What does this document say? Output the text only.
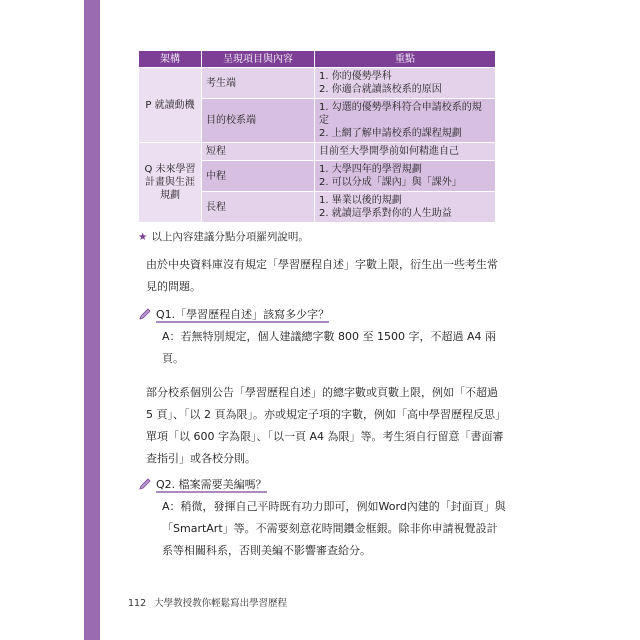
架構	呈現項目與內容	重點
P 就讀動機	考生端	1. 你的優勢學科
2. 你適合就讀該校系的原因

	目的校系端	1. 勾選的優勢學科符合申請校系的規定
2. 上網了解申請校系的課程規劃

Q 未來學習計畫與生涯規劃	短程	目前至大學開學前如何精進自己

	中程	1. 大學四年的學習規劃
2. 可以分成「課內」與「課外」

	長程	1. 畢業以後的規劃
2. 就讀這學系對你的人生助益
★ 以上內容建議分點分項羅列說明。
由於中央資料庫沒有規定「學習歷程自述」字數上限，衍生出一些考生常見的問題。
Q1.「學習歷程自述」該寫多少字？
A：若無特別規定，個人建議總字數 800 至 1500 字，不超過 A4 兩頁。
部分校系個別公告「學習歷程自述」的總字數或頁數上限，例如「不超過 5 頁」、「以 2 頁為限」。亦或規定子項的字數，例如「高中學習歷程反思」單項「以 600 字為限」、「以一頁 A4 為限」等。考生須自行留意「書面審查指引」或各校分則。
Q2. 檔案需要美編嗎？
A：稍微，發揮自己平時既有功力即可，例如Word內建的「封面頁」與「SmartArt」等。不需要刻意花時間鑽金框銀。除非你申請視覺設計系等相關科系，否則美編不影響審查給分。
112 大學教授教你輕鬆寫出學習歷程
